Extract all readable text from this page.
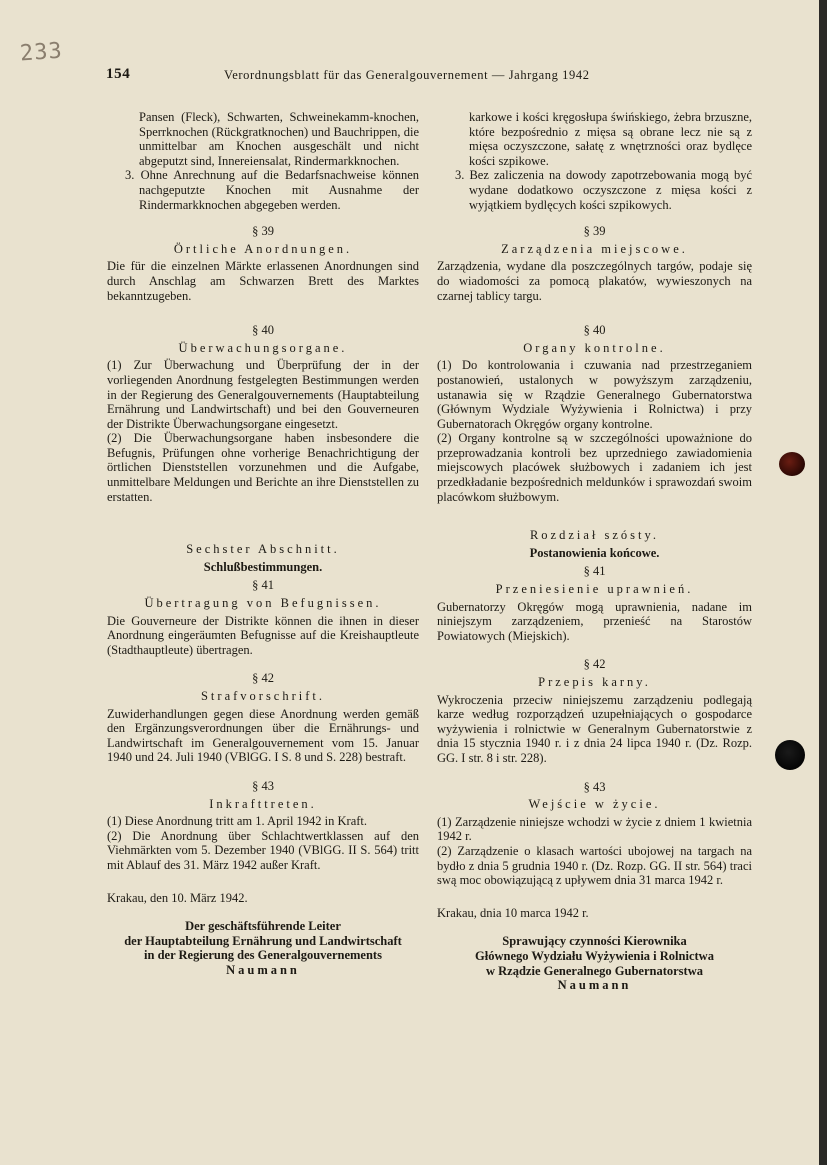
233
154	Verordnungsblatt für das Generalgouvernement — Jahrgang 1942

Pansen (Fleck), Schwarten, Schweinekamm-knochen, Sperrknochen (Rückgratknochen) und Bauchrippen, die unmittelbar am Knochen ausgeschält und nicht abgeputzt sind, Innereiensalat, Rindermarkknochen.

3. Ohne Anrechnung auf die Bedarfsnachweise können nachgeputzte Knochen mit Ausnahme der Rindermarkknochen abgegeben werden.

§ 39
Örtliche Anordnungen.

Die für die einzelnen Märkte erlassenen Anordnungen sind durch Anschlag am Schwarzen Brett des Marktes bekanntzugeben.

§ 40
Überwachungsorgane.

(1) Zur Überwachung und Überprüfung der in der vorliegenden Anordnung festgelegten Bestimmungen werden in der Regierung des Generalgouvernements (Hauptabteilung Ernährung und Landwirtschaft) und bei den Gouverneuren der Distrikte Überwachungsorgane eingesetzt.

(2) Die Überwachungsorgane haben insbesondere die Befugnis, Prüfungen ohne vorherige Benachrichtigung der örtlichen Dienststellen vorzunehmen und die Aufgabe, unmittelbare Meldungen und Berichte an ihre Dienststellen zu erstatten.

Sechster Abschnitt.
Schlußbestimmungen.
§ 41
Übertragung von Befugnissen.

Die Gouverneure der Distrikte können die ihnen in dieser Anordnung eingeräumten Befugnisse auf die Kreishauptleute (Stadthauptleute) übertragen.

§ 42
Strafvorschrift.

Zuwiderhandlungen gegen diese Anordnung werden gemäß den Ergänzungsverordnungen über die Ernährungs- und Landwirtschaft im Generalgouvernement vom 15. Januar 1940 und 24. Juli 1940 (VBlGG. I S. 8 und S. 228) bestraft.

§ 43
Inkrafttreten.

(1) Diese Anordnung tritt am 1. April 1942 in Kraft.

(2) Die Anordnung über Schlachtwertklassen auf den Viehmärkten vom 5. Dezember 1940 (VBlGG. II S. 564) tritt mit Ablauf des 31. März 1942 außer Kraft.

Krakau, den 10. März 1942.
Der geschäftsführende Leiter
der Hauptabteilung Ernährung und Landwirtschaft
in der Regierung des Generalgouvernements
Naumann

karkowe i kości kręgosłupa świńskiego, żebra brzuszne, które bezpośrednio z mięsa są obrane lecz nie są z mięsa oczyszczone, sałatę z wnętrzności oraz bydlęce kości szpikowe.

3. Bez zaliczenia na dowody zapotrzebowania mogą być wydane dodatkowo oczyszczone z mięsa kości z wyjątkiem bydlęcych kości szpikowych.

§ 39
Zarządzenia miejscowe.

Zarządzenia, wydane dla poszczególnych targów, podaje się do wiadomości za pomocą plakatów, wywieszonych na czarnej tablicy targu.

§ 40
Organy kontrolne.

(1) Do kontrolowania i czuwania nad przestrzeganiem postanowień, ustalonych w powyższym zarządzeniu, ustanawia się w Rządzie Generalnego Gubernatorstwa (Głównym Wydziale Wyżywienia i Rolnictwa) i przy Gubernatorach Okręgów organy kontrolne.

(2) Organy kontrolne są w szczególności upoważnione do przeprowadzania kontroli bez uprzedniego zawiadomienia miejscowych placówek służbowych i zadaniem ich jest przedkładanie bezpośrednich meldunków i sprawozdań swoim placówkom służbowym.

Rozdział szósty.
Postanowienia końcowe.
§ 41
Przeniesienie uprawnień.

Gubernatorzy Okręgów mogą uprawnienia, nadane im niniejszym zarządzeniem, przenieść na Starostów Powiatowych (Miejskich).

§ 42
Przepis karny.

Wykroczenia przeciw niniejszemu zarządzeniu podlegają karze według rozporządzeń uzupełniających o gospodarce wyżywienia i rolnictwie w Generalnym Gubernatorstwie z dnia 15 stycznia 1940 r. i z dnia 24 lipca 1940 r. (Dz. Rozp. GG. I str. 8 i str. 228).

§ 43
Wejście w życie.

(1) Zarządzenie niniejsze wchodzi w życie z dniem 1 kwietnia 1942 r.

(2) Zarządzenie o klasach wartości ubojowej na targach na bydło z dnia 5 grudnia 1940 r. (Dz. Rozp. GG. II str. 564) traci swą moc obowiązującą z upływem dnia 31 marca 1942 r.

Krakau, dnia 10 marca 1942 r.
Sprawujący czynności Kierownika
Głównego Wydziału Wyżywienia i Rolnictwa
w Rządzie Generalnego Gubernatorstwa
Naumann
